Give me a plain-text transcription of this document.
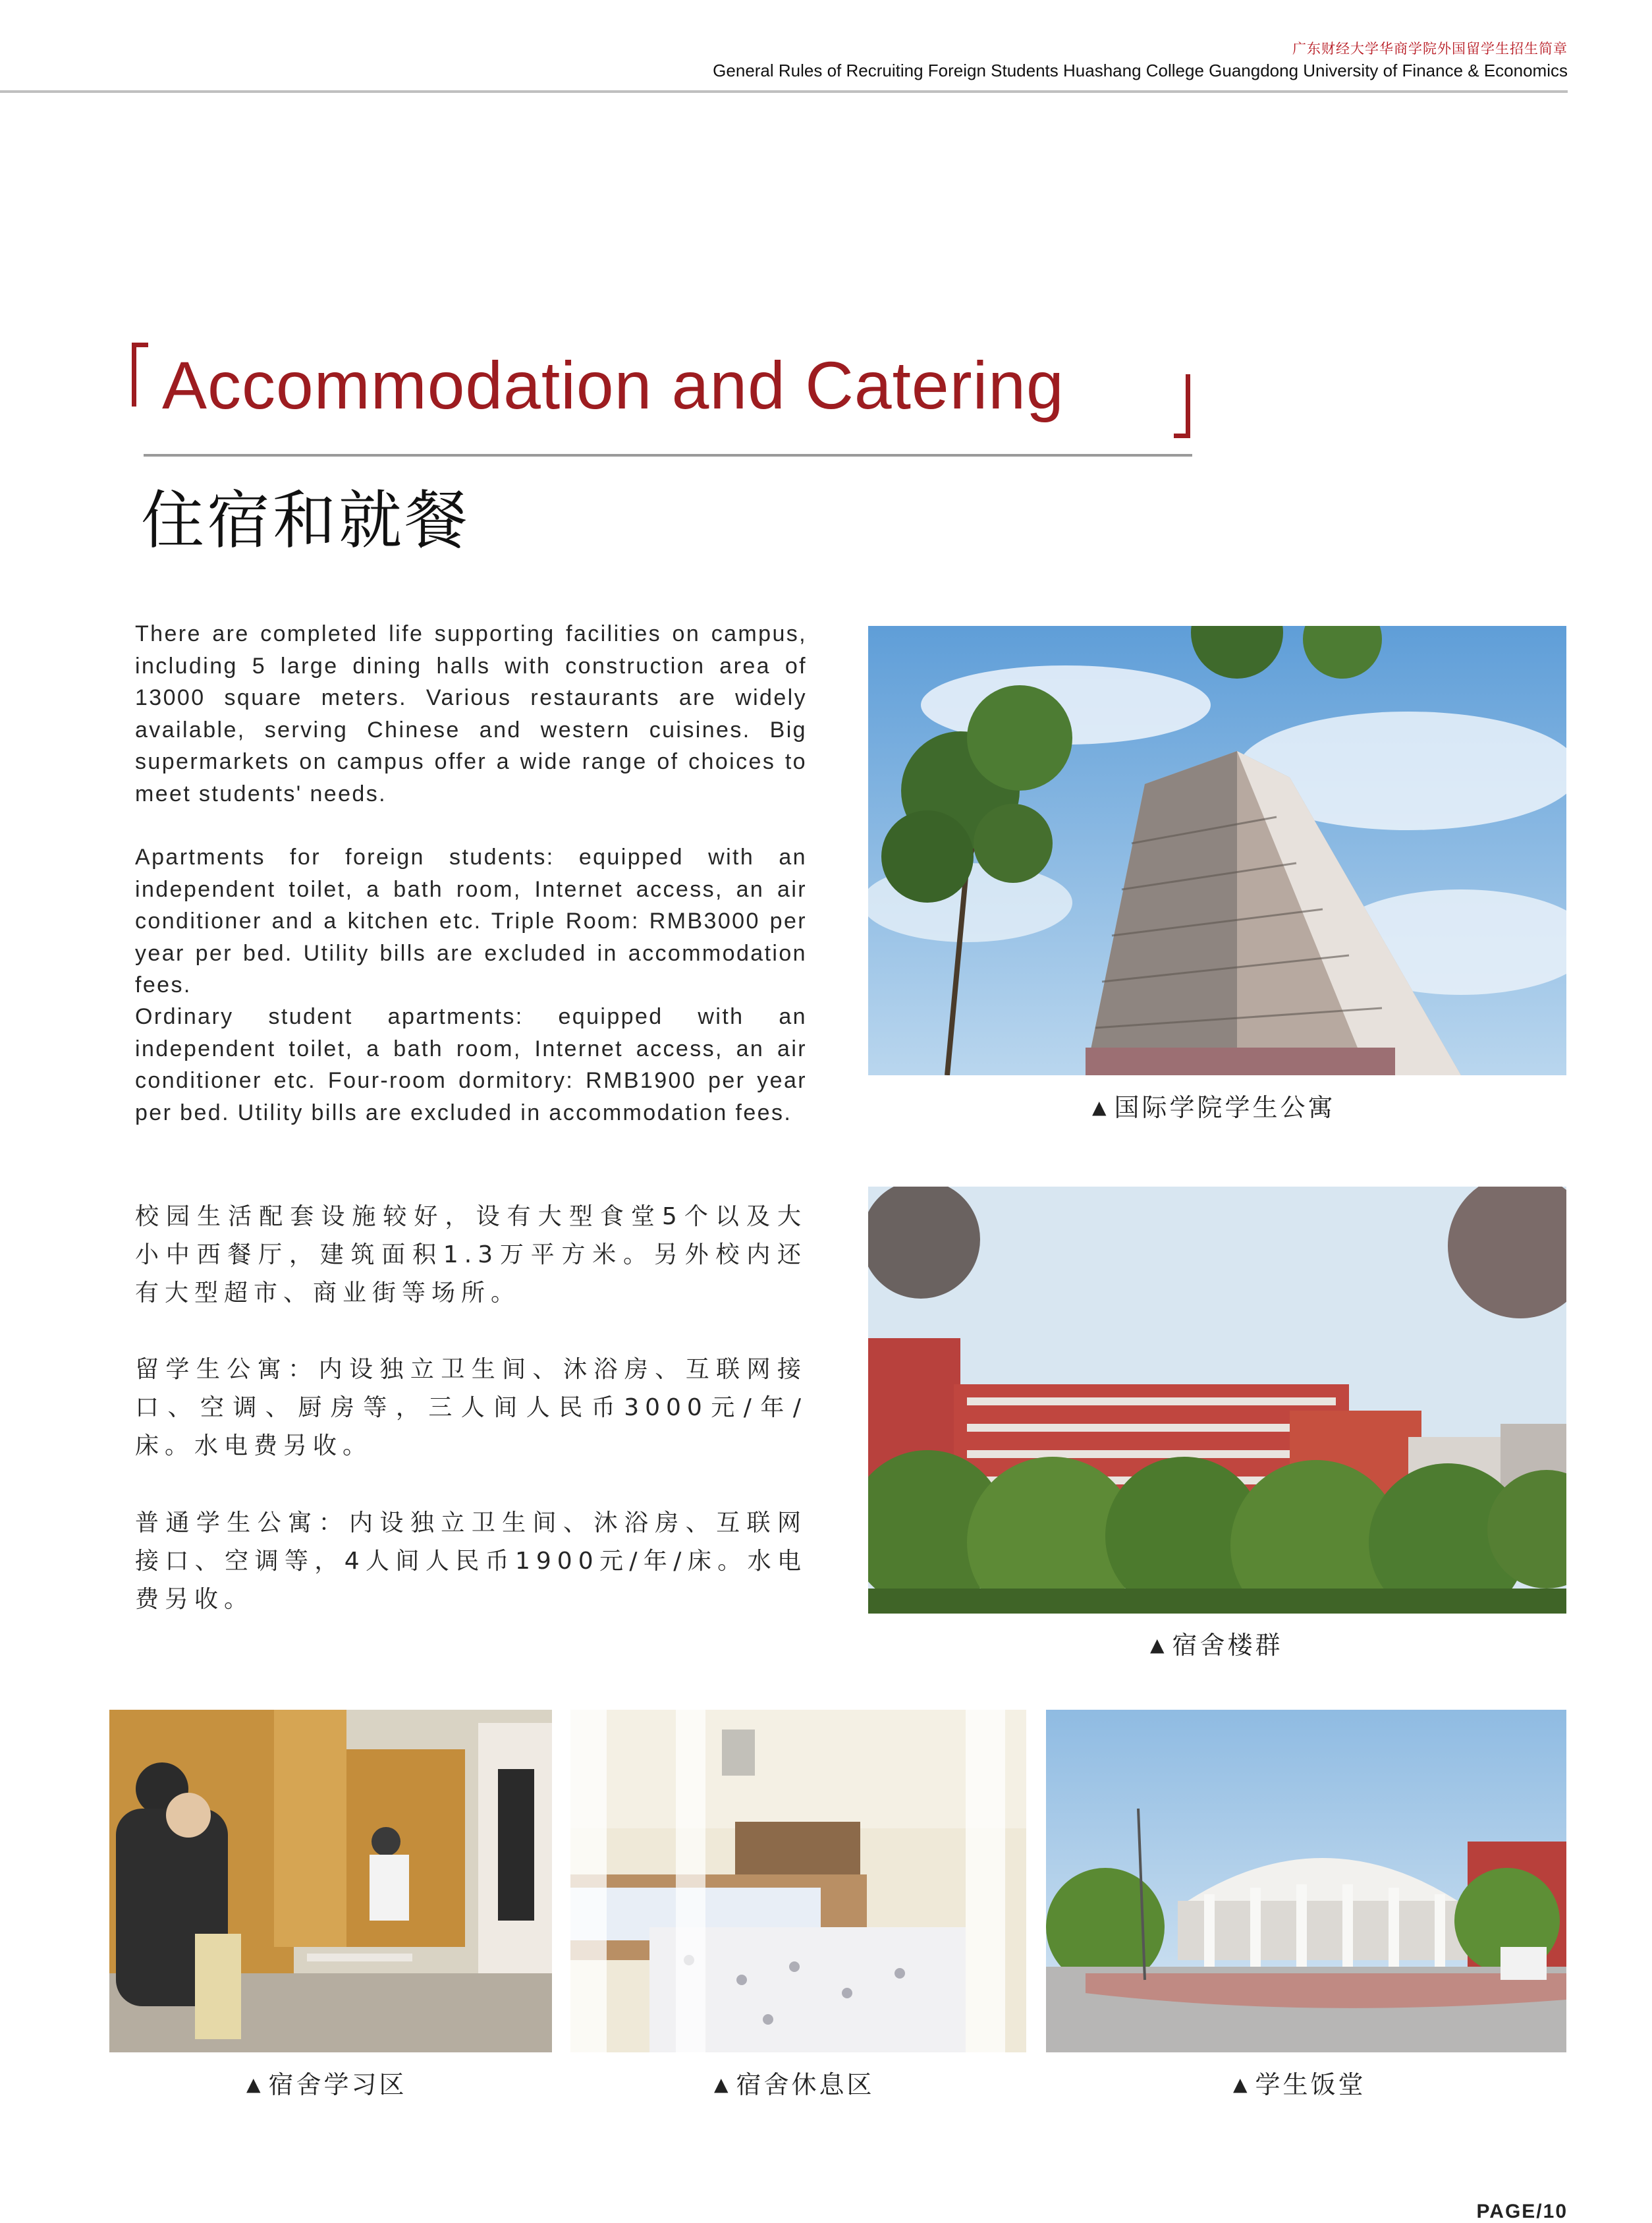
广东财经大学华商学院外国留学生招生简章
General Rules of Recruiting Foreign Students Huashang College Guangdong University of Finance & Economics
Accommodation and Catering
住宿和就餐

There are completed life supporting facilities on campus, including 5 large dining halls with construction area of 13000 square meters. Various restaurants are widely available, serving Chinese and western cuisines. Big supermarkets on campus offer a wide range of choices to meet students' needs.

Apartments for foreign students: equipped with an independent toilet, a bath room, Internet access, an air conditioner and a kitchen etc. Triple Room: RMB3000 per year per bed. Utility bills are excluded in accommodation fees.

Ordinary student apartments: equipped with an independent toilet, a bath room, Internet access, an air conditioner etc. Four-room dormitory: RMB1900 per year per bed. Utility bills are excluded in accommodation fees.

校园生活配套设施较好，设有大型食堂5个以及大小中西餐厅，建筑面积1.3万平方米。另外校内还有大型超市、商业街等场所。

留学生公寓：内设独立卫生间、沐浴房、互联网接口、空调、厨房等，三人间人民币3000元/年/床。水电费另收。

普通学生公寓：内设独立卫生间、沐浴房、互联网接口、空调等，4人间人民币1900元/年/床。水电费另收。

▲ 国际学院学生公寓
▲ 宿舍楼群
▲ 宿舍学习区	▲ 宿舍休息区	▲ 学生饭堂
PAGE/10
